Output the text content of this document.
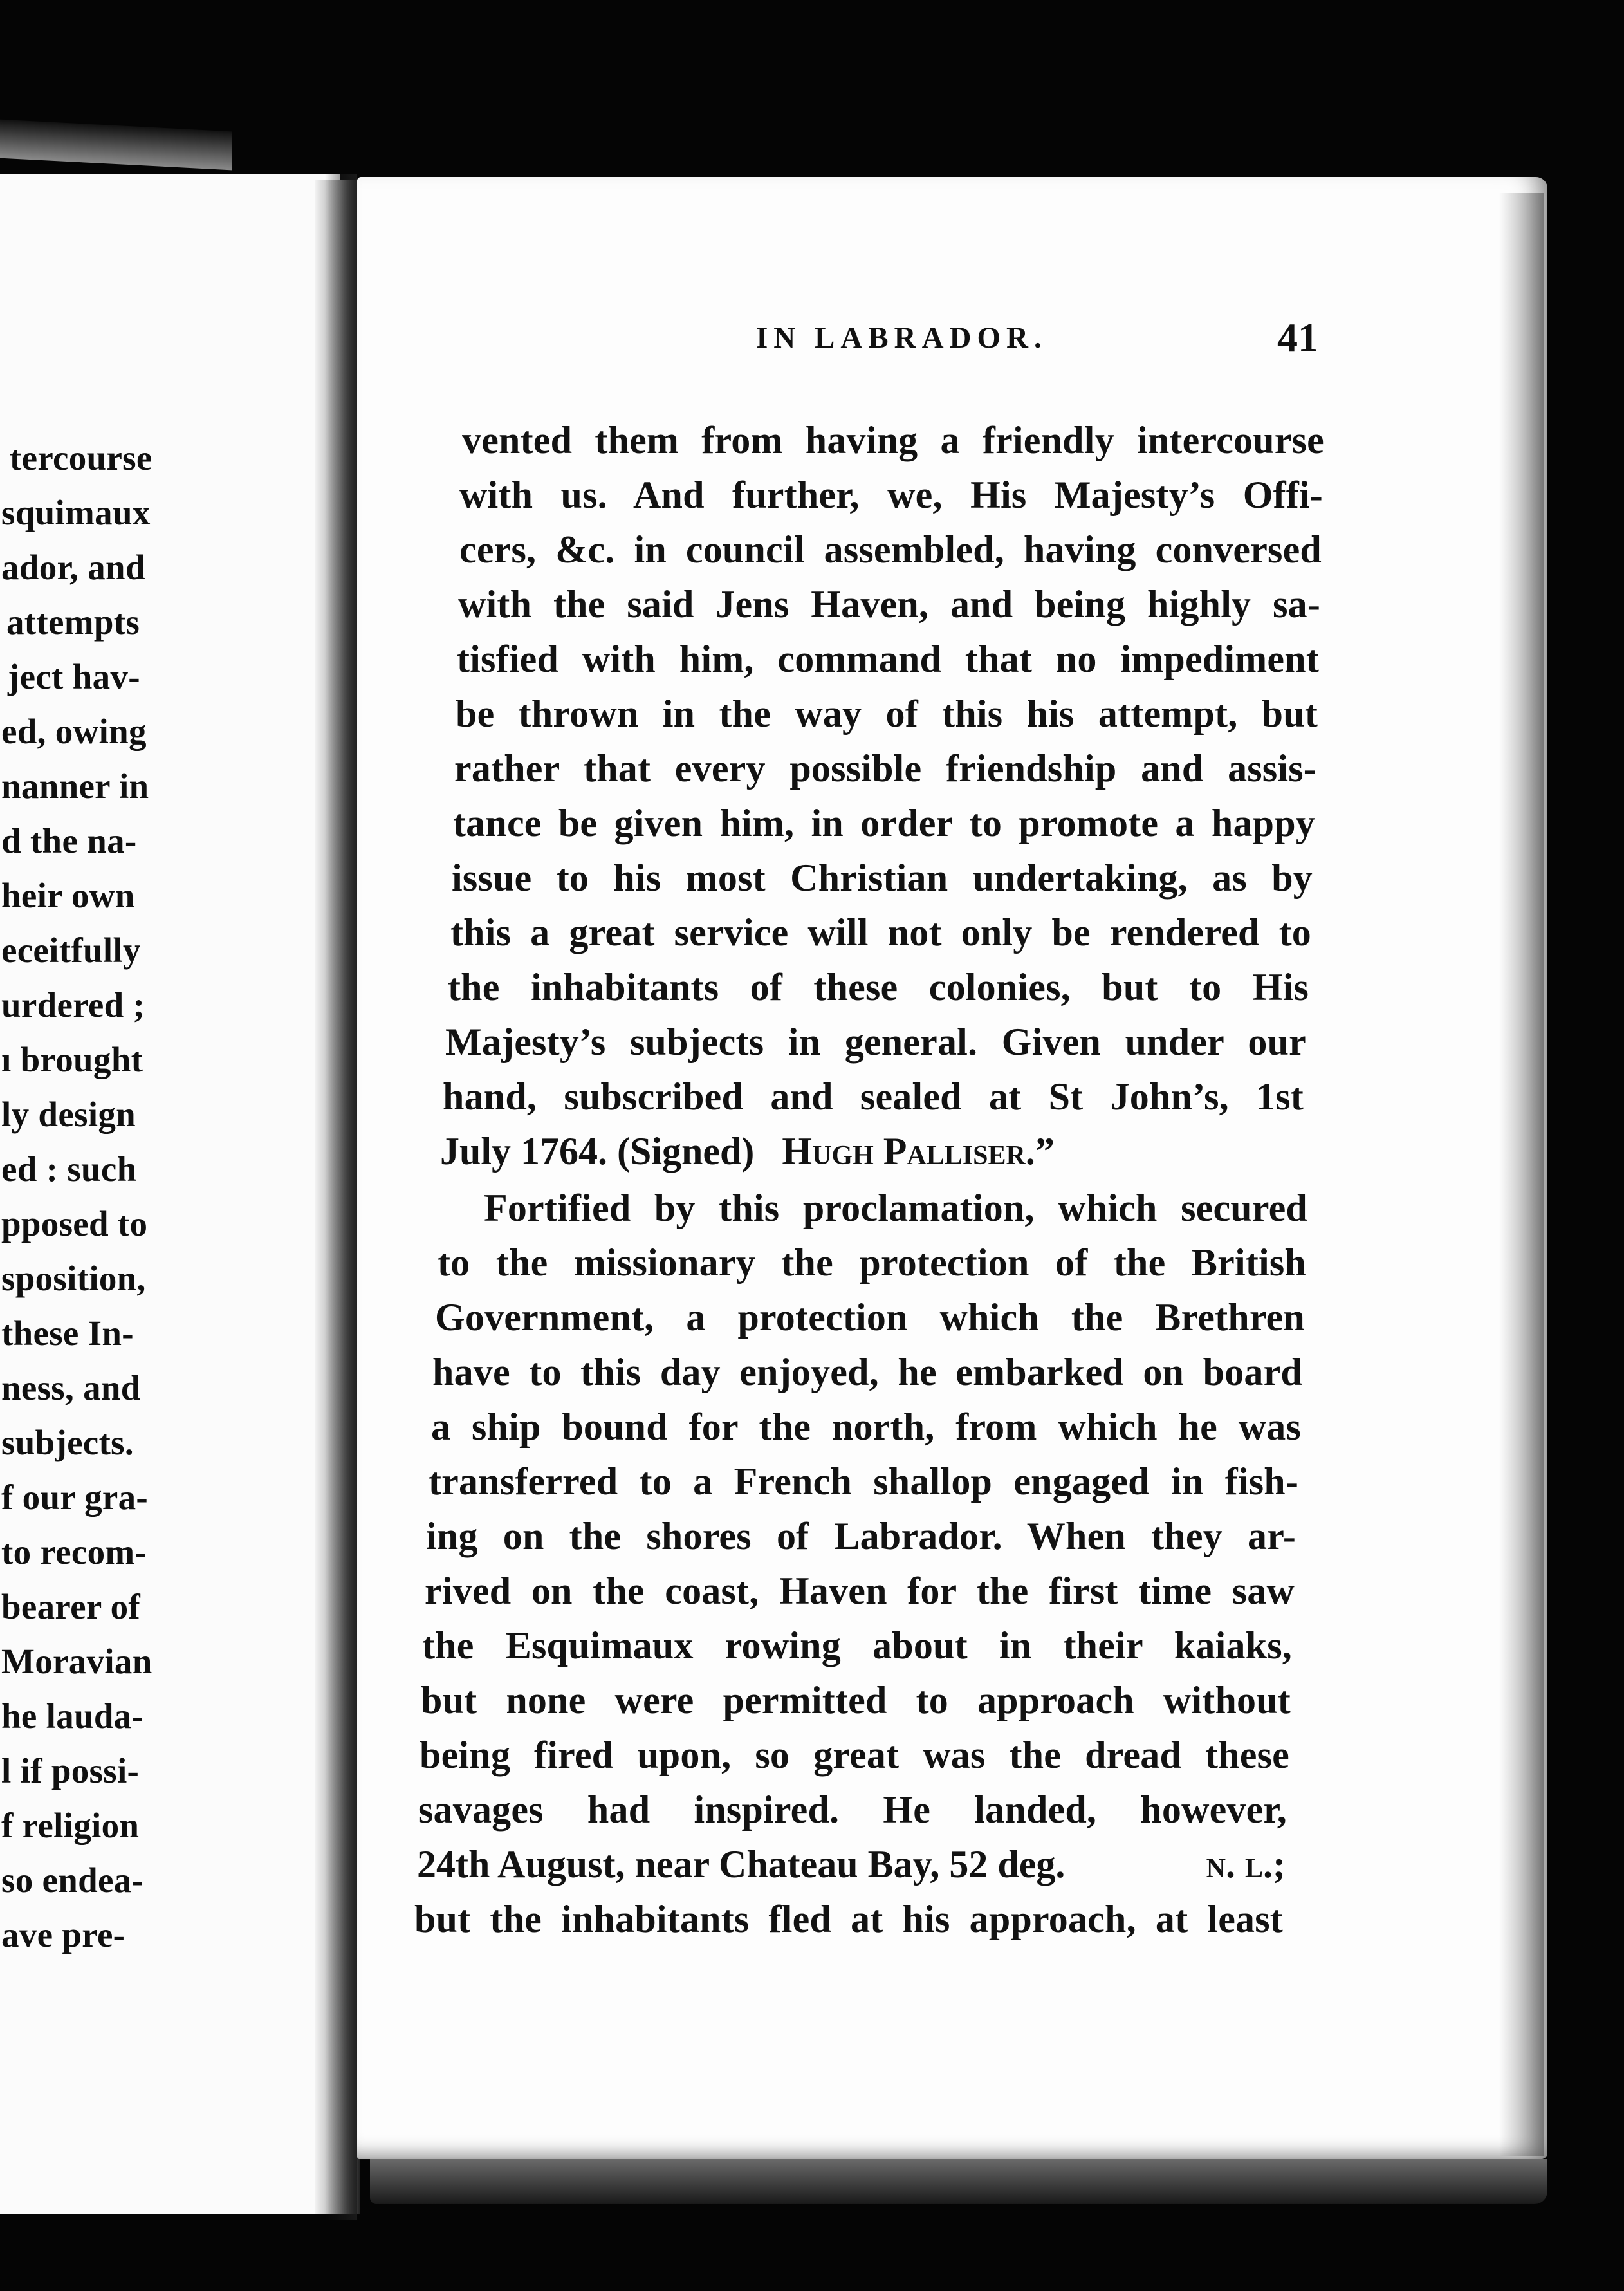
tercourse
squimaux
ador, and
attempts
ject hav-
ed, owing
nanner in
d the na-
heir own
eceitfully
urdered ;
ı brought
ly design
ed : such
pposed to
sposition,
these In-
ness, and
subjects.
f our gra-
to recom-
bearer of
Moravian
he lauda-
l if possi-
f religion
so endea-
ave pre-
IN LABRADOR.	41
vented them from having a friendly intercourse
with us. And further, we, His Majesty’s Offi-
cers, &c. in council assembled, having conversed
with the said Jens Haven, and being highly sa-
tisfied with him, command that no impediment
be thrown in the way of this his attempt, but
rather that every possible friendship and assis-
tance be given him, in order to promote a happy
issue to his most Christian undertaking, as by
this a great service will not only be rendered to
the inhabitants of these colonies, but to His
Majesty’s subjects in general. Given under our
hand, subscribed and sealed at St John’s, 1st
July 1764. (Signed) Hugh Palliser.”
Fortified by this proclamation, which secured
to the missionary the protection of the British
Government, a protection which the Brethren
have to this day enjoyed, he embarked on board
a ship bound for the north, from which he was
transferred to a French shallop engaged in fish-
ing on the shores of Labrador. When they ar-
rived on the coast, Haven for the first time saw
the Esquimaux rowing about in their kaiaks,
but none were permitted to approach without
being fired upon, so great was the dread these
savages had inspired. He landed, however,
24th August, near Chateau Bay, 52 deg.	n. l.;
but the inhabitants fled at his approach, at least
